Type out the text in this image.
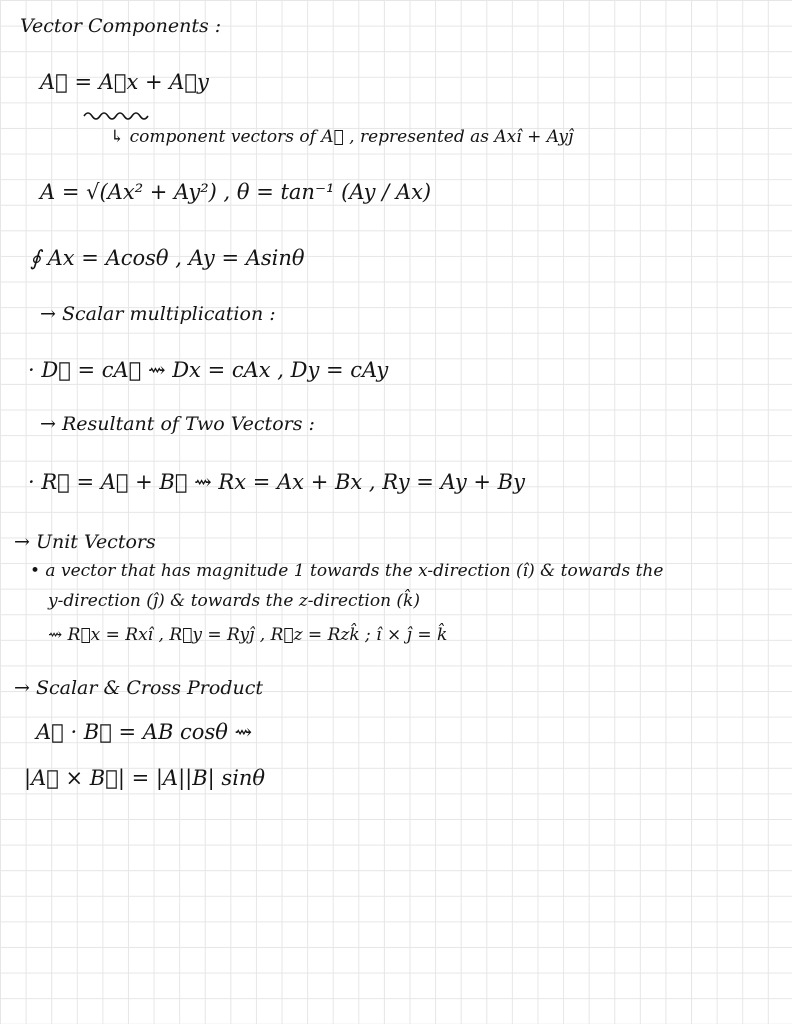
Vector Components :
A⃗ = A⃗x + A⃗y
↳ component vectors of A⃗ , represented as Axî + Ayĵ
A = √(Ax² + Ay²) , θ = tan⁻¹ (Ay / Ax)
∮ Ax = Acosθ , Ay = Asinθ
→ Scalar multiplication :
· D⃗ = cA⃗ ⇝ Dx = cAx , Dy = cAy
→ Resultant of Two Vectors :
· R⃗ = A⃗ + B⃗ ⇝ Rx = Ax + Bx , Ry = Ay + By
→ Unit Vectors
• a vector that has magnitude 1 towards the x-direction (î) & towards the
y-direction (ĵ) & towards the z-direction (k̂)
⇝ R⃗x = Rxî , R⃗y = Ryĵ , R⃗z = Rzk̂ ; î × ĵ = k̂
→ Scalar & Cross Product
A⃗ · B⃗ = AB cosθ ⇝
|A⃗ × B⃗| = |A||B| sinθ
